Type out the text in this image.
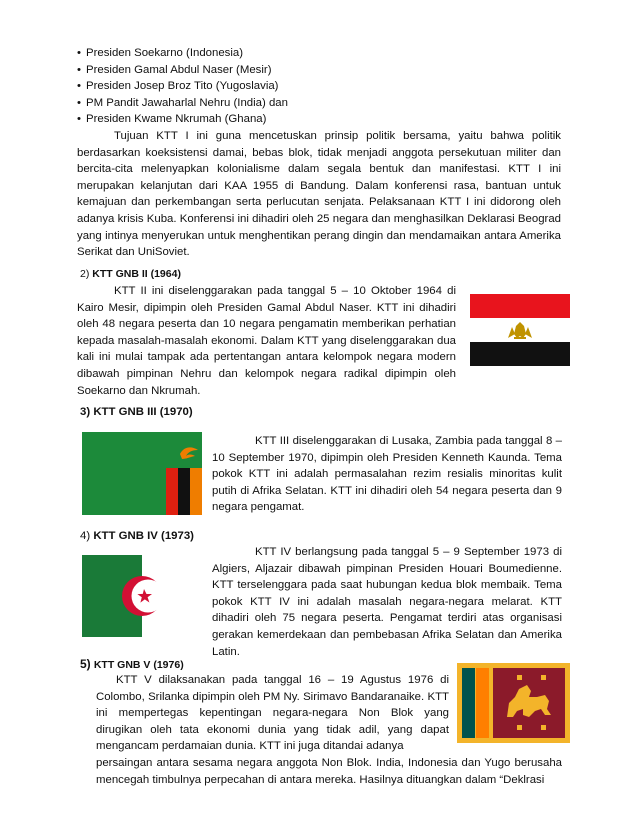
• Presiden Soekarno (Indonesia)
• Presiden Gamal Abdul Naser (Mesir)
• Presiden Josep Broz Tito (Yugoslavia)
• PM Pandit Jawaharlal Nehru (India) dan
• Presiden Kwame Nkrumah (Ghana)

Tujuan KTT I ini guna mencetuskan prinsip politik bersama, yaitu bahwa politik berdasarkan koeksistensi damai, bebas blok, tidak menjadi anggota persekutuan militer dan bercita-cita melenyapkan kolonialisme dalam segala bentuk dan manifestasi. KTT I ini merupakan kelanjutan dari KAA 1955 di Bandung. Dalam konferensi rasa, bantuan untuk kemajuan dan perkembangan serta perlucutan senjata. Pelaksanaan KTT I ini didorong oleh adanya krisis Kuba. Konferensi ini dihadiri oleh 25 negara dan menghasilkan Deklarasi Beograd yang intinya menyerukan untuk menghentikan perang dingin dan mendamaikan antara Amerika Serikat dan UniSoviet.

2) KTT GNB II (1964)

KTT II ini diselenggarakan pada tanggal 5 – 10 Oktober 1964 di Kairo Mesir, dipimpin oleh Presiden Gamal Abdul Naser. KTT ini dihadiri oleh 48 negara peserta dan 10 negara pengamatin memberikan perhatian kepada masalah-masalah ekonomi. Dalam KTT yang diselenggarakan dua kali ini mulai tampak ada pertentangan antara kelompok negara modern dibawah pimpinan Nehru dan kelompok negara radikal dipimpin oleh Soekarno dan Nkrumah.

3) KTT GNB III (1970)

KTT III diselenggarakan di Lusaka, Zambia pada tanggal 8 – 10 September 1970, dipimpin oleh Presiden Kenneth Kaunda. Tema pokok KTT ini adalah permasalahan rezim resialis minoritas kulit putih di Afrika Selatan. KTT ini dihadiri oleh 54 negara peserta dan 9 negara pengamat.

4) KTT GNB IV (1973)

KTT IV berlangsung pada tanggal 5 – 9 September 1973 di Algiers, Aljazair dibawah pimpinan Presiden Houari Boumedienne. KTT terselenggara pada saat hubungan kedua blok membaik. Tema pokok KTT IV ini adalah masalah negara-negara melarat. KTT dihadiri oleh 75 negara peserta. Pengamat terdiri atas organisasi gerakan kemerdekaan dan pembebasan Afrika Selatan dan Amerika Latin.

5) KTT GNB V (1976)

KTT V dilaksanakan pada tanggal 16 – 19 Agustus 1976 di Colombo, Srilanka dipimpin oleh PM Ny. Sirimavo Bandaranaike. KTT ini mempertegas kepentingan negara-negara Non Blok yang dirugikan oleh tata ekonomi dunia yang tidak adil, yang dapat mengancam perdamaian dunia. KTT ini juga ditandai adanya

persaingan antara sesama negara anggota Non Blok. India, Indonesia dan Yugo berusaha mencegah timbulnya perpecahan di antara mereka. Hasilnya dituangkan dalam “Deklrasi
